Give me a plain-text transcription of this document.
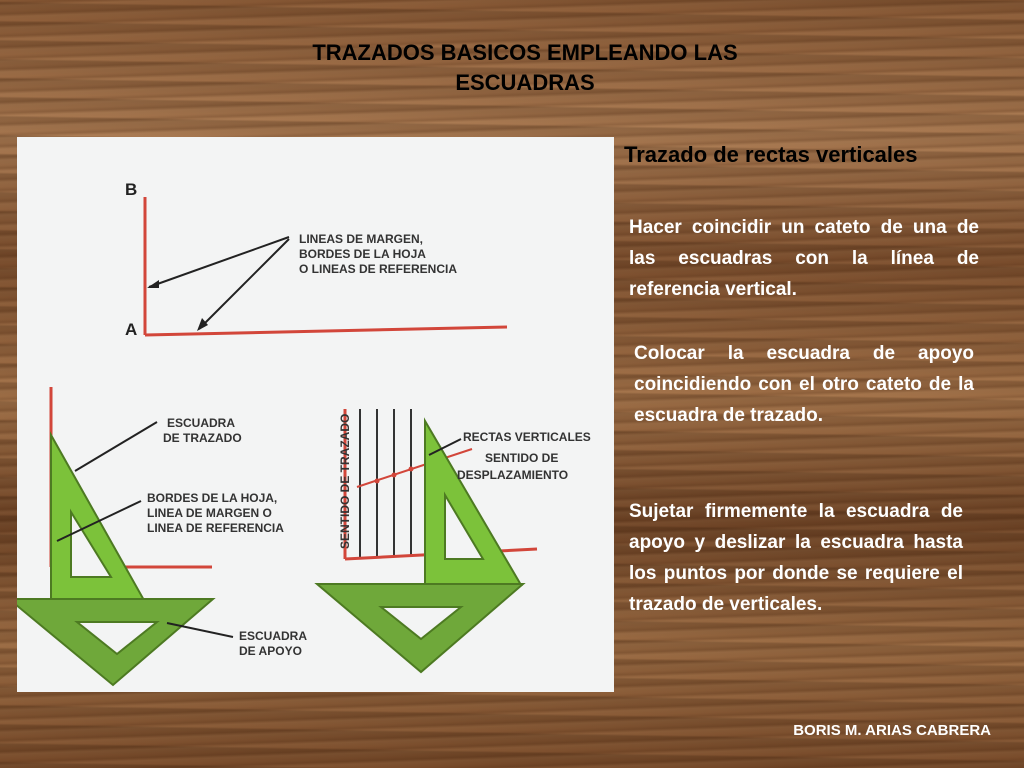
TRAZADOS BASICOS EMPLEANDO LAS
ESCUADRAS
B
A
LINEAS DE MARGEN, BORDES DE LA HOJA O LINEAS DE REFERENCIA
ESCUADRA DE TRAZADO
BORDES DE LA HOJA, LINEA DE MARGEN O LINEA DE REFERENCIA
ESCUADRA DE APOYO
SENTIDO DE TRAZADO	RECTAS VERTICALES
SENTIDO DE DESPLAZAMIENTO
Trazado de rectas verticales
Hacer coincidir un cateto de una de las escuadras con la línea de referencia vertical.
Colocar la escuadra de apoyo coincidiendo con el otro cateto de la escuadra de trazado.
Sujetar firmemente la escuadra de apoyo y deslizar la escuadra hasta los puntos por donde se requiere el trazado de verticales.
BORIS M. ARIAS CABRERA
